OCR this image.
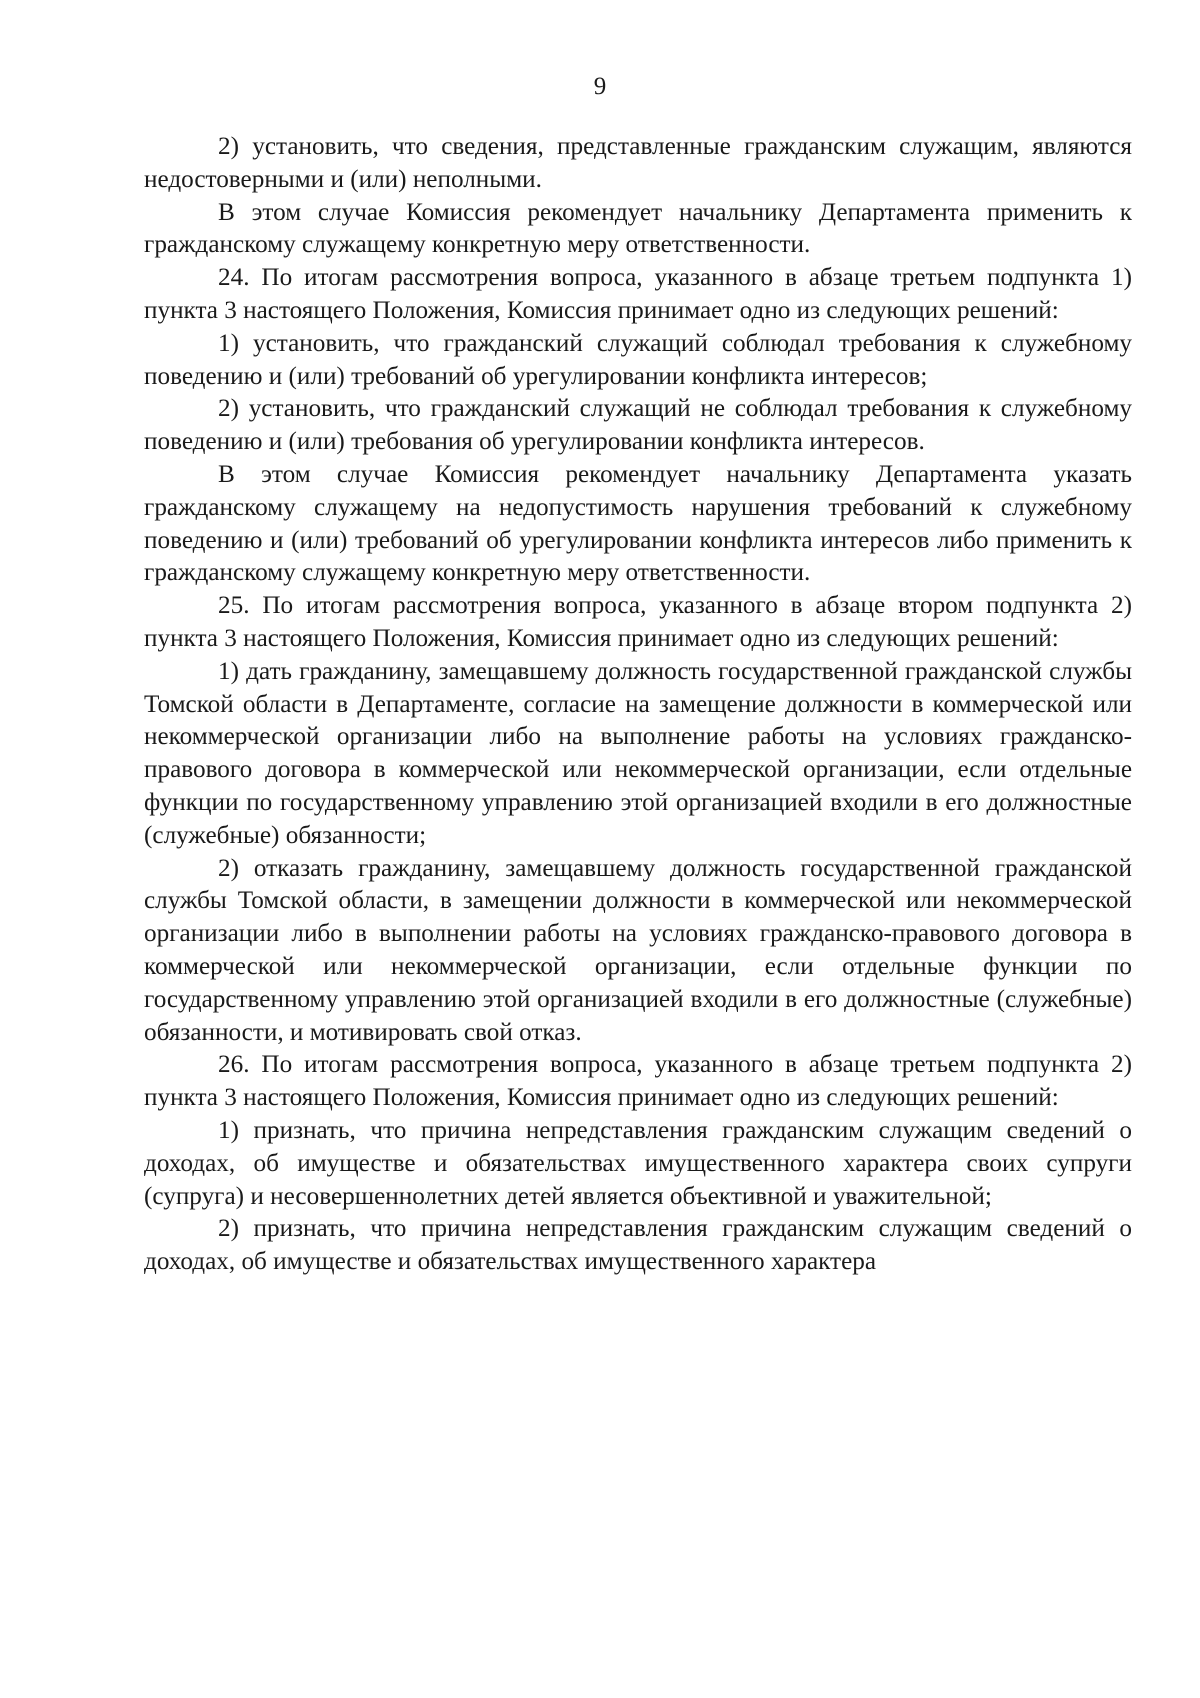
9

2) установить, что сведения, представленные гражданским служащим, являются недостоверными и (или) неполными.

В этом случае Комиссия рекомендует начальнику Департамента применить к гражданскому служащему конкретную меру ответственности.

24. По итогам рассмотрения вопроса, указанного в абзаце третьем подпункта 1) пункта 3 настоящего Положения, Комиссия принимает одно из следующих решений:

1) установить, что гражданский служащий соблюдал требования к служебному поведению и (или) требований об урегулировании конфликта интересов;

2) установить, что гражданский служащий не соблюдал требования к служебному поведению и (или) требования об урегулировании конфликта интересов.

В этом случае Комиссия рекомендует начальнику Департамента указать гражданскому служащему на недопустимость нарушения требований к служебному поведению и (или) требований об урегулировании конфликта интересов либо применить к гражданскому служащему конкретную меру ответственности.

25. По итогам рассмотрения вопроса, указанного в абзаце втором подпункта 2) пункта 3 настоящего Положения, Комиссия принимает одно из следующих решений:

1) дать гражданину, замещавшему должность государственной гражданской службы Томской области в Департаменте, согласие на замещение должности в коммерческой или некоммерческой организации либо на выполнение работы на условиях гражданско-правового договора в коммерческой или некоммерческой организации, если отдельные функции по государственному управлению этой организацией входили в его должностные (служебные) обязанности;

2) отказать гражданину, замещавшему должность государственной гражданской службы Томской области, в замещении должности в коммерческой или некоммерческой организации либо в выполнении работы на условиях гражданско-правового договора в коммерческой или некоммерческой организации, если отдельные функции по государственному управлению этой организацией входили в его должностные (служебные) обязанности, и мотивировать свой отказ.

26. По итогам рассмотрения вопроса, указанного в абзаце третьем подпункта 2) пункта 3 настоящего Положения, Комиссия принимает одно из следующих решений:

1) признать, что причина непредставления гражданским служащим сведений о доходах, об имуществе и обязательствах имущественного характера своих супруги (супруга) и несовершеннолетних детей является объективной и уважительной;

2) признать, что причина непредставления гражданским служащим сведений о доходах, об имуществе и обязательствах имущественного характера
